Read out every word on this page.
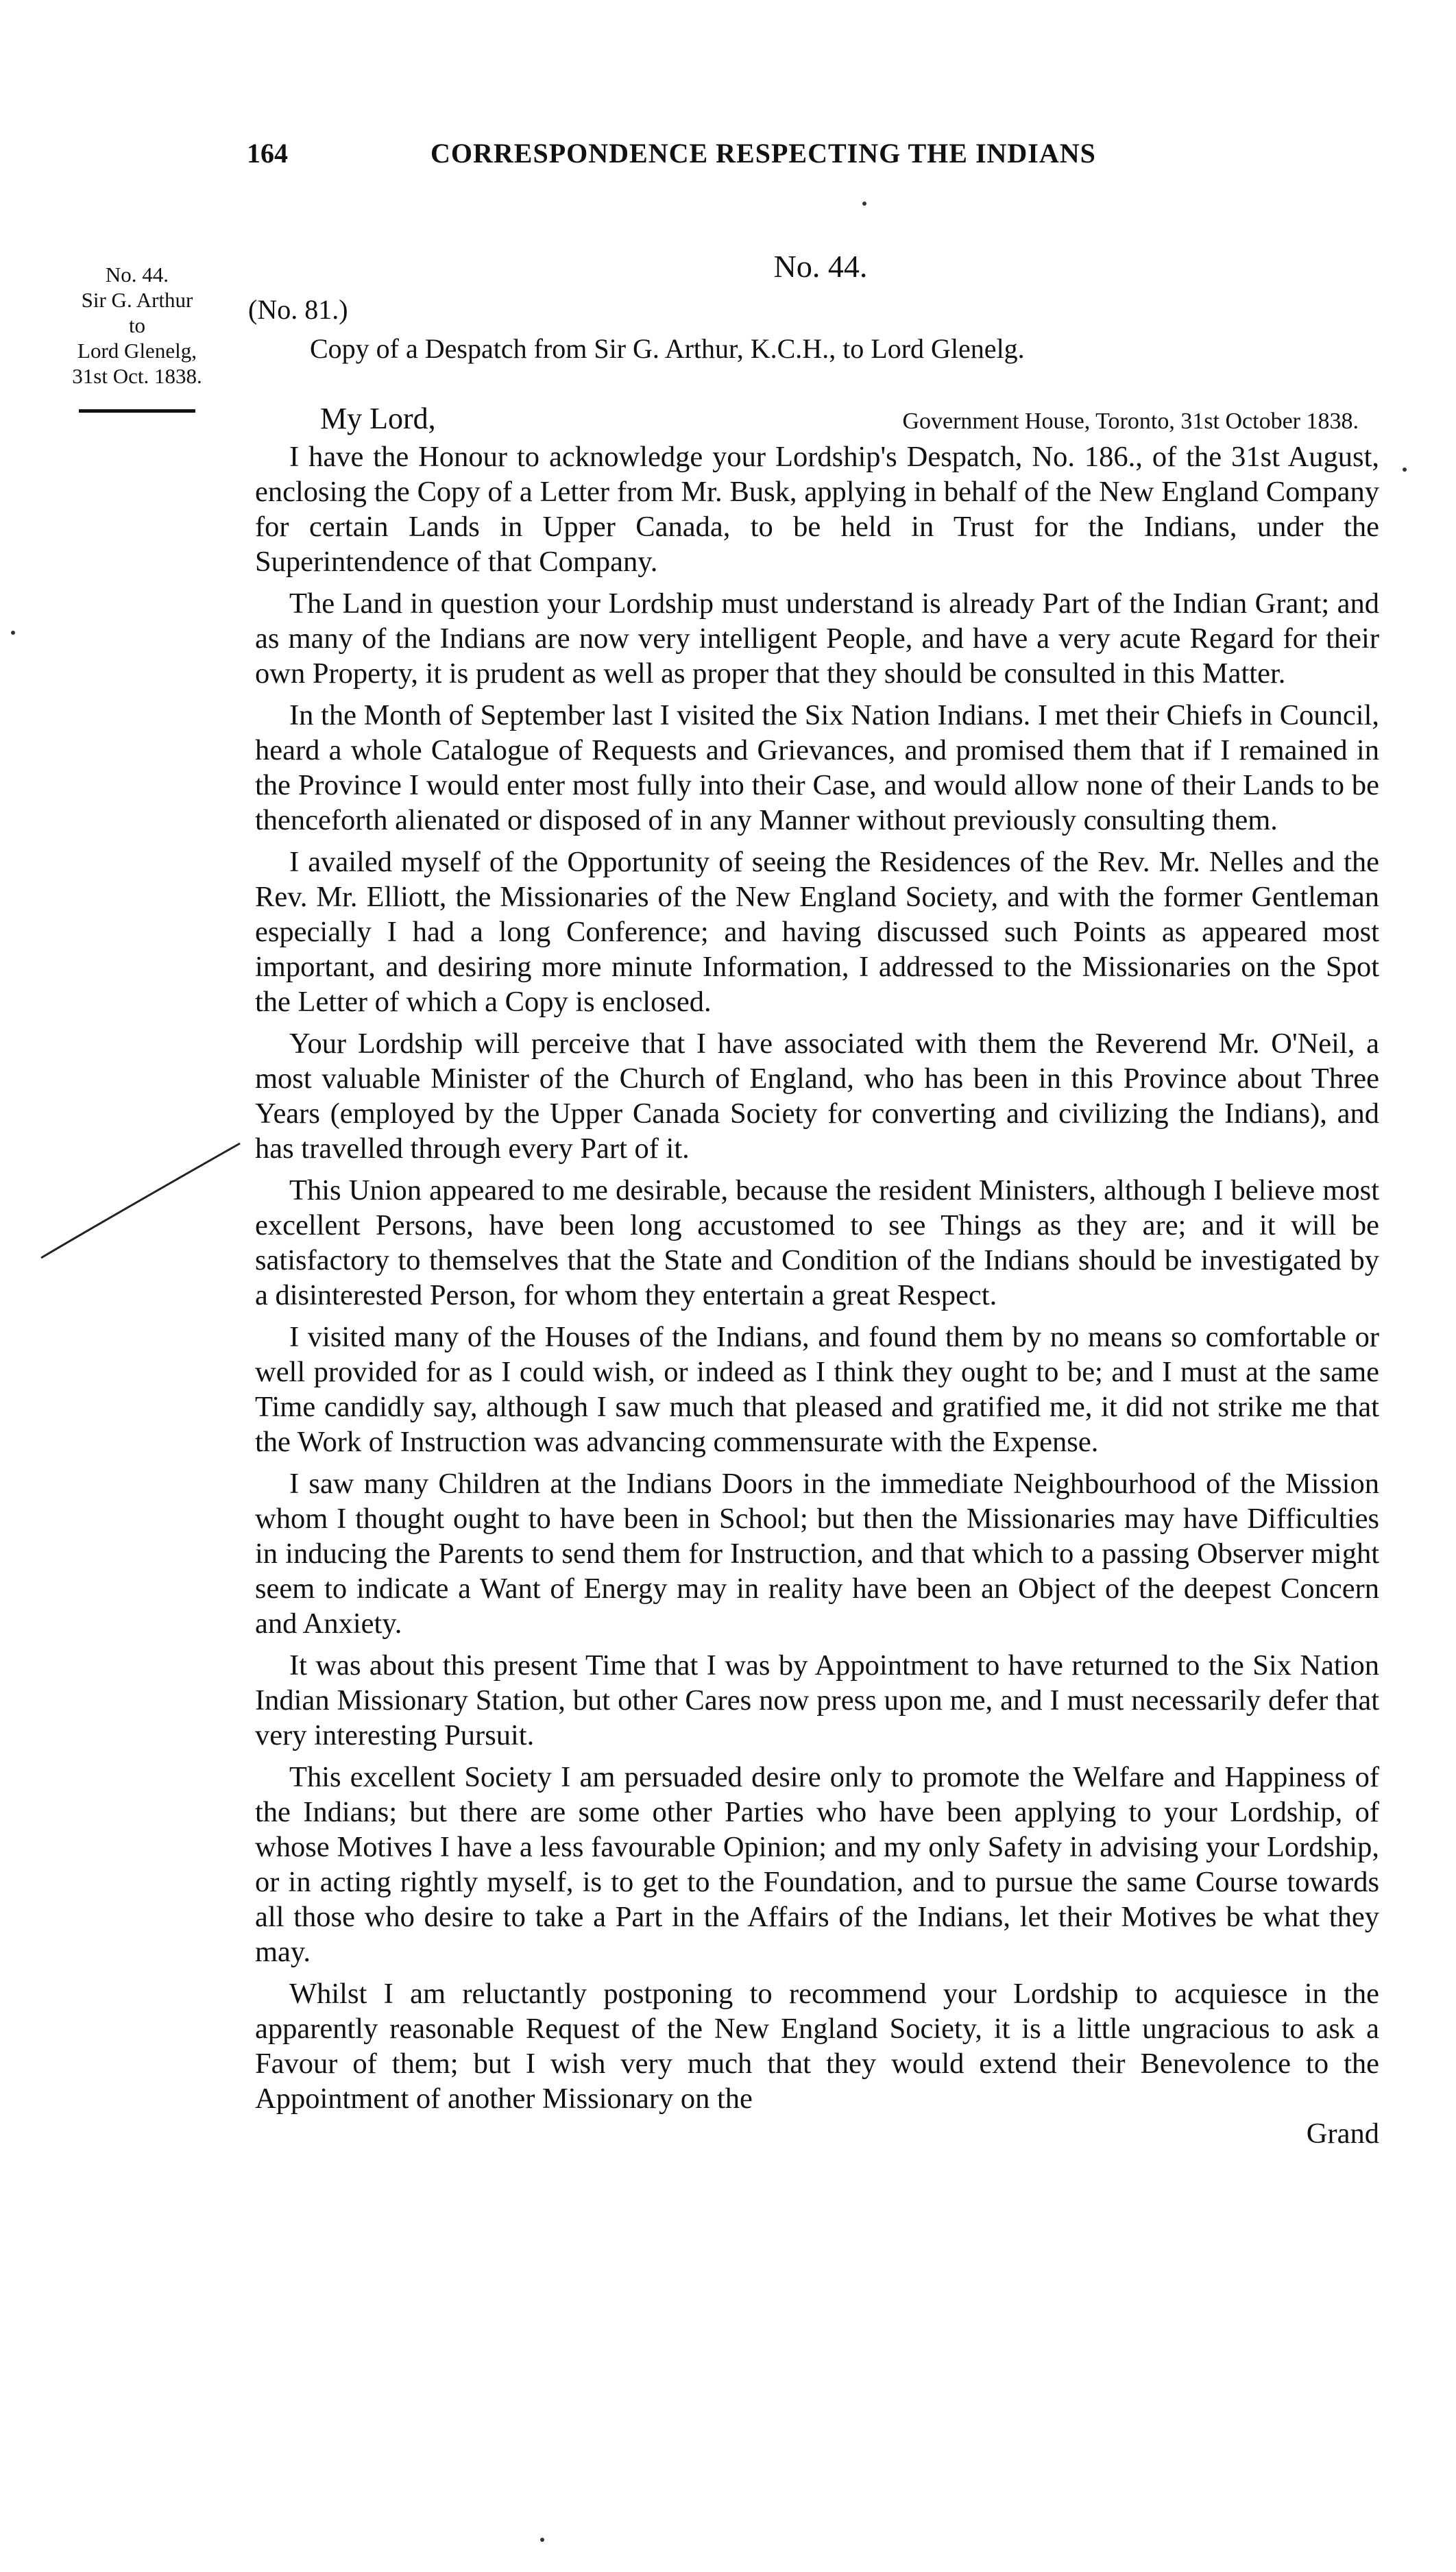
164	CORRESPONDENCE RESPECTING THE INDIANS
No. 44.
Sir G. Arthur
to
Lord Glenelg,
31st Oct. 1838.
No. 44.
(No. 81.)
Copy of a Despatch from Sir G. Arthur, K.C.H., to Lord Glenelg.
My Lord,	Government House, Toronto, 31st October 1838.

I have the Honour to acknowledge your Lordship's Despatch, No. 186., of the 31st August, enclosing the Copy of a Letter from Mr. Busk, applying in behalf of the New England Company for certain Lands in Upper Canada, to be held in Trust for the Indians, under the Superintendence of that Company.

The Land in question your Lordship must understand is already Part of the Indian Grant; and as many of the Indians are now very intelligent People, and have a very acute Regard for their own Property, it is prudent as well as proper that they should be consulted in this Matter.

In the Month of September last I visited the Six Nation Indians. I met their Chiefs in Council, heard a whole Catalogue of Requests and Grievances, and promised them that if I remained in the Province I would enter most fully into their Case, and would allow none of their Lands to be thenceforth alienated or disposed of in any Manner without previously consulting them.

I availed myself of the Opportunity of seeing the Residences of the Rev. Mr. Nelles and the Rev. Mr. Elliott, the Missionaries of the New England Society, and with the former Gentleman especially I had a long Conference; and having discussed such Points as appeared most important, and desiring more minute Information, I addressed to the Missionaries on the Spot the Letter of which a Copy is enclosed.

Your Lordship will perceive that I have associated with them the Reverend Mr. O'Neil, a most valuable Minister of the Church of England, who has been in this Province about Three Years (employed by the Upper Canada Society for converting and civilizing the Indians), and has travelled through every Part of it.

This Union appeared to me desirable, because the resident Ministers, although I believe most excellent Persons, have been long accustomed to see Things as they are; and it will be satisfactory to themselves that the State and Condition of the Indians should be investigated by a disinterested Person, for whom they entertain a great Respect.

I visited many of the Houses of the Indians, and found them by no means so comfortable or well provided for as I could wish, or indeed as I think they ought to be; and I must at the same Time candidly say, although I saw much that pleased and gratified me, it did not strike me that the Work of Instruction was advancing commensurate with the Expense.

I saw many Children at the Indians Doors in the immediate Neighbourhood of the Mission whom I thought ought to have been in School; but then the Missionaries may have Difficulties in inducing the Parents to send them for Instruction, and that which to a passing Observer might seem to indicate a Want of Energy may in reality have been an Object of the deepest Concern and Anxiety.

It was about this present Time that I was by Appointment to have returned to the Six Nation Indian Missionary Station, but other Cares now press upon me, and I must necessarily defer that very interesting Pursuit.

This excellent Society I am persuaded desire only to promote the Welfare and Happiness of the Indians; but there are some other Parties who have been applying to your Lordship, of whose Motives I have a less favourable Opinion; and my only Safety in advising your Lordship, or in acting rightly myself, is to get to the Foundation, and to pursue the same Course towards all those who desire to take a Part in the Affairs of the Indians, let their Motives be what they may.

Whilst I am reluctantly postponing to recommend your Lordship to acquiesce in the apparently reasonable Request of the New England Society, it is a little ungracious to ask a Favour of them; but I wish very much that they would extend their Benevolence to the Appointment of another Missionary on the

Grand
